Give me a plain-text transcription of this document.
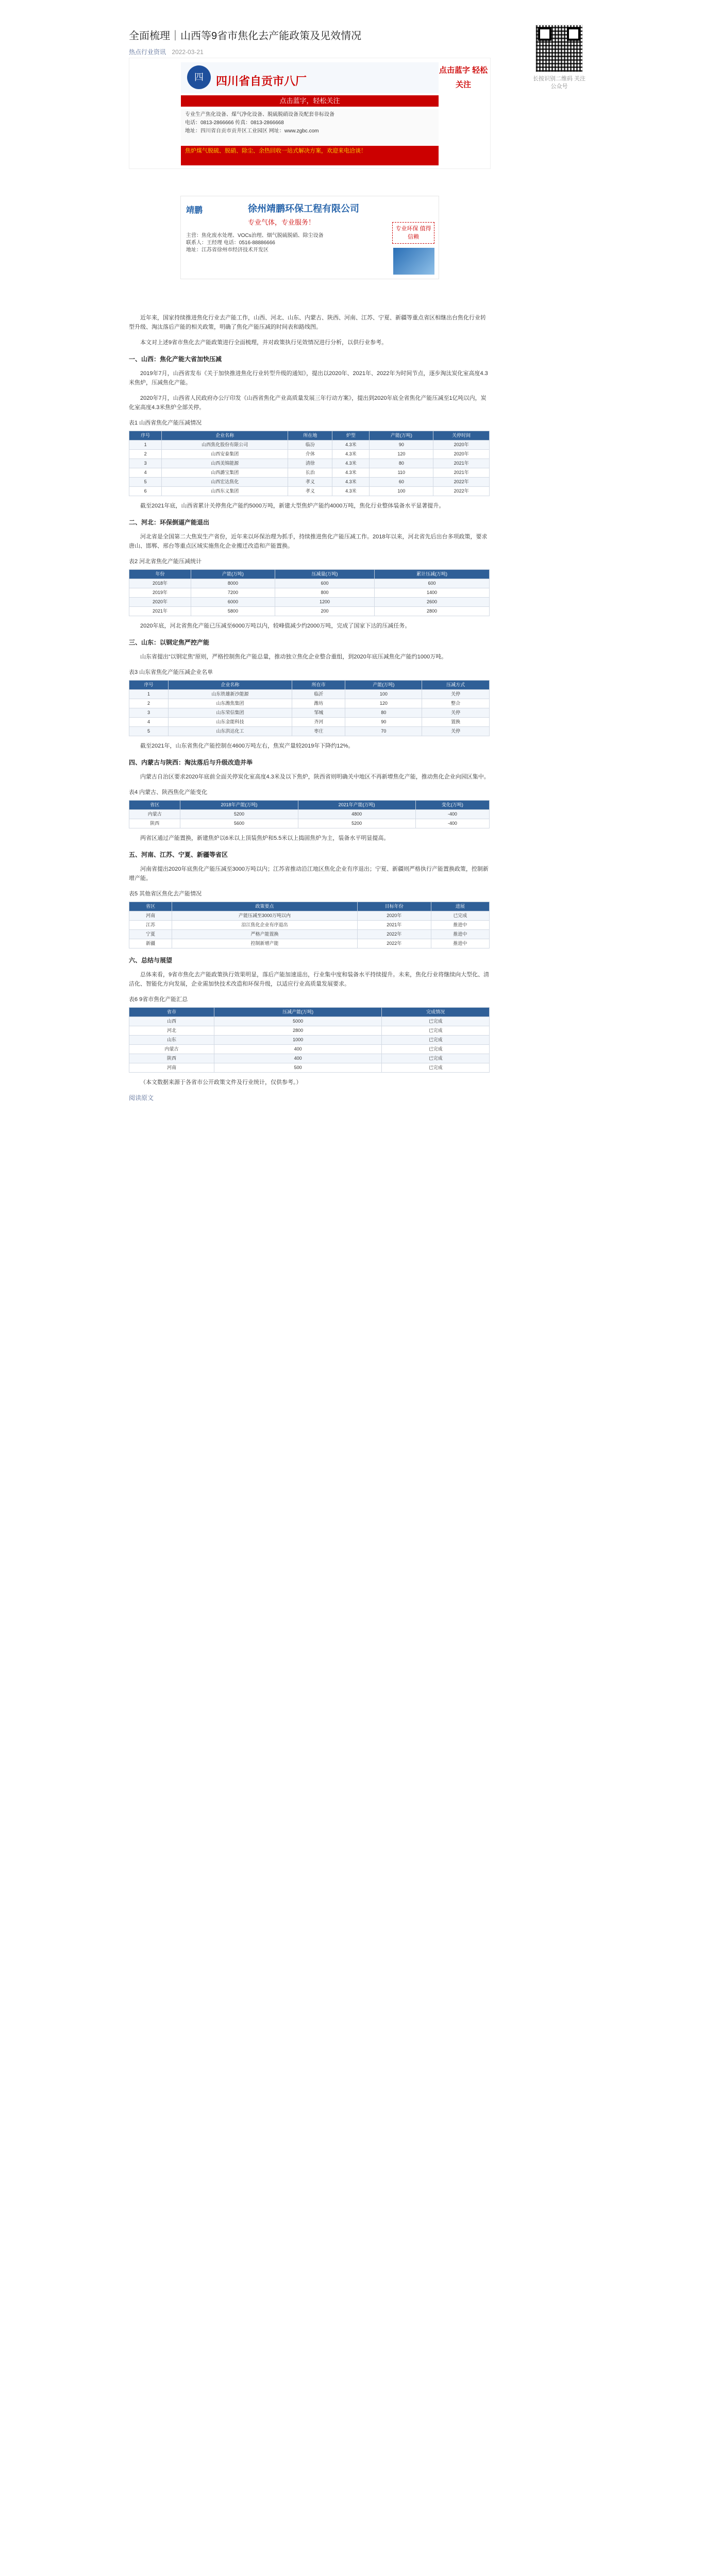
全面梳理｜山西等9省市焦化去产能政策及见效情况
热点行业资讯 2022-03-21
四	四川省自贡市八厂
点击蓝字 轻松关注
点击蓝字，轻松关注

专业生产焦化设备、煤气净化设备、脱硫脱硝设备及配套非标设备

电话：0813-2866666 传真：0813-2866668

地址：四川省自贡市贡井区工业园区 网址：www.zgbc.com

焦炉煤气脱硫、脱硝、除尘、余热回收一站式解决方案，欢迎来电洽谈！
靖鹏	徐州靖鹏环保工程有限公司
专业气体，专业服务！

主营：焦化废水处理、VOCs治理、烟气脱硫脱硝、除尘设备

联系人：王经理 电话：0516-88886666

地址：江苏省徐州市经济技术开发区

专业环保 值得信赖

近年来，国家持续推进焦化行业去产能工作，山西、河北、山东、内蒙古、陕西、河南、江苏、宁夏、新疆等重点省区相继出台焦化行业转型升级、淘汰落后产能的相关政策，明确了焦化产能压减的时间表和路线图。

本文对上述9省市焦化去产能政策进行全面梳理，并对政策执行见效情况进行分析，以供行业参考。

一、山西：焦化产能大省加快压减

2019年7月，山西省发布《关于加快推进焦化行业转型升级的通知》，提出以2020年、2021年、2022年为时间节点，逐步淘汰炭化室高度4.3米焦炉，压减焦化产能。

2020年7月，山西省人民政府办公厅印发《山西省焦化产业高质量发展三年行动方案》，提出到2020年底全省焦化产能压减至1亿吨以内，炭化室高度4.3米焦炉全部关停。

表1 山西省焦化产能压减情况
序号	企业名称	所在地	炉型	产能(万吨)	关停时间
1	山西焦化股份有限公司	临汾	4.3米	90	2020年
2	山西安泰集团	介休	4.3米	120	2020年
3	山西美锦能源	清徐	4.3米	80	2021年
4	山西潞宝集团	长治	4.3米	110	2021年
5	山西宏达焦化	孝义	4.3米	60	2022年
6	山西东义集团	孝义	4.3米	100	2022年

截至2021年底，山西省累计关停焦化产能约5000万吨，新建大型焦炉产能约4000万吨，焦化行业整体装备水平显著提升。

二、河北：环保倒逼产能退出

河北省是全国第二大焦炭生产省份，近年来以环保治理为抓手，持续推进焦化产能压减工作。2018年以来，河北省先后出台多项政策，要求唐山、邯郸、邢台等重点区域实施焦化企业搬迁改造和产能置换。

表2 河北省焦化产能压减统计
年份	产能(万吨)	压减量(万吨)	累计压减(万吨)
2018年	8000	600	600
2019年	7200	800	1400
2020年	6000	1200	2600
2021年	5800	200	2800

2020年底，河北省焦化产能已压减至6000万吨以内，较峰值减少约2000万吨，完成了国家下达的压减任务。

三、山东：以钢定焦严控产能

山东省提出“以钢定焦”原则，严格控制焦化产能总量，推动独立焦化企业整合重组，到2020年底压减焦化产能约1000万吨。

表3 山东省焦化产能压减企业名单
序号	企业名称	所在市	产能(万吨)	压减方式
1	山东铁雄新沙能源	临沂	100	关停
2	山东潍焦集团	潍坊	120	整合
3	山东荣信集团	邹城	80	关停
4	山东金能科技	齐河	90	置换
5	山东洪达化工	枣庄	70	关停

截至2021年，山东省焦化产能控制在4600万吨左右，焦炭产量较2019年下降约12%。

四、内蒙古与陕西：淘汰落后与升级改造并举

内蒙古自治区要求2020年底前全面关停炭化室高度4.3米及以下焦炉，陕西省则明确关中地区不再新增焦化产能，推动焦化企业向园区集中。

表4 内蒙古、陕西焦化产能变化
省区	2018年产能(万吨)	2021年产能(万吨)	变化(万吨)
内蒙古	5200	4800	-400
陕西	5600	5200	-400

两省区通过产能置换，新建焦炉以6米以上顶装焦炉和5.5米以上捣固焦炉为主，装备水平明显提高。

五、河南、江苏、宁夏、新疆等省区

河南省提出2020年底焦化产能压减至3000万吨以内；江苏省推动沿江地区焦化企业有序退出；宁夏、新疆则严格执行产能置换政策，控制新增产能。

表5 其他省区焦化去产能情况
省区	政策要点	目标年份	进展
河南	产能压减至3000万吨以内	2020年	已完成
江苏	沿江焦化企业有序退出	2021年	推进中
宁夏	严格产能置换	2022年	推进中
新疆	控制新增产能	2022年	推进中
六、总结与展望

总体来看，9省市焦化去产能政策执行效果明显，落后产能加速退出，行业集中度和装备水平持续提升。未来，焦化行业将继续向大型化、清洁化、智能化方向发展，企业需加快技术改造和环保升级，以适应行业高质量发展要求。

表6 9省市焦化产能汇总
省市	压减产能(万吨)	完成情况
山西	5000	已完成
河北	2800	已完成
山东	1000	已完成
内蒙古	400	已完成
陕西	400	已完成
河南	500	已完成

（本文数据来源于各省市公开政策文件及行业统计，仅供参考。）

阅读原文
长按识别二维码 关注公众号
